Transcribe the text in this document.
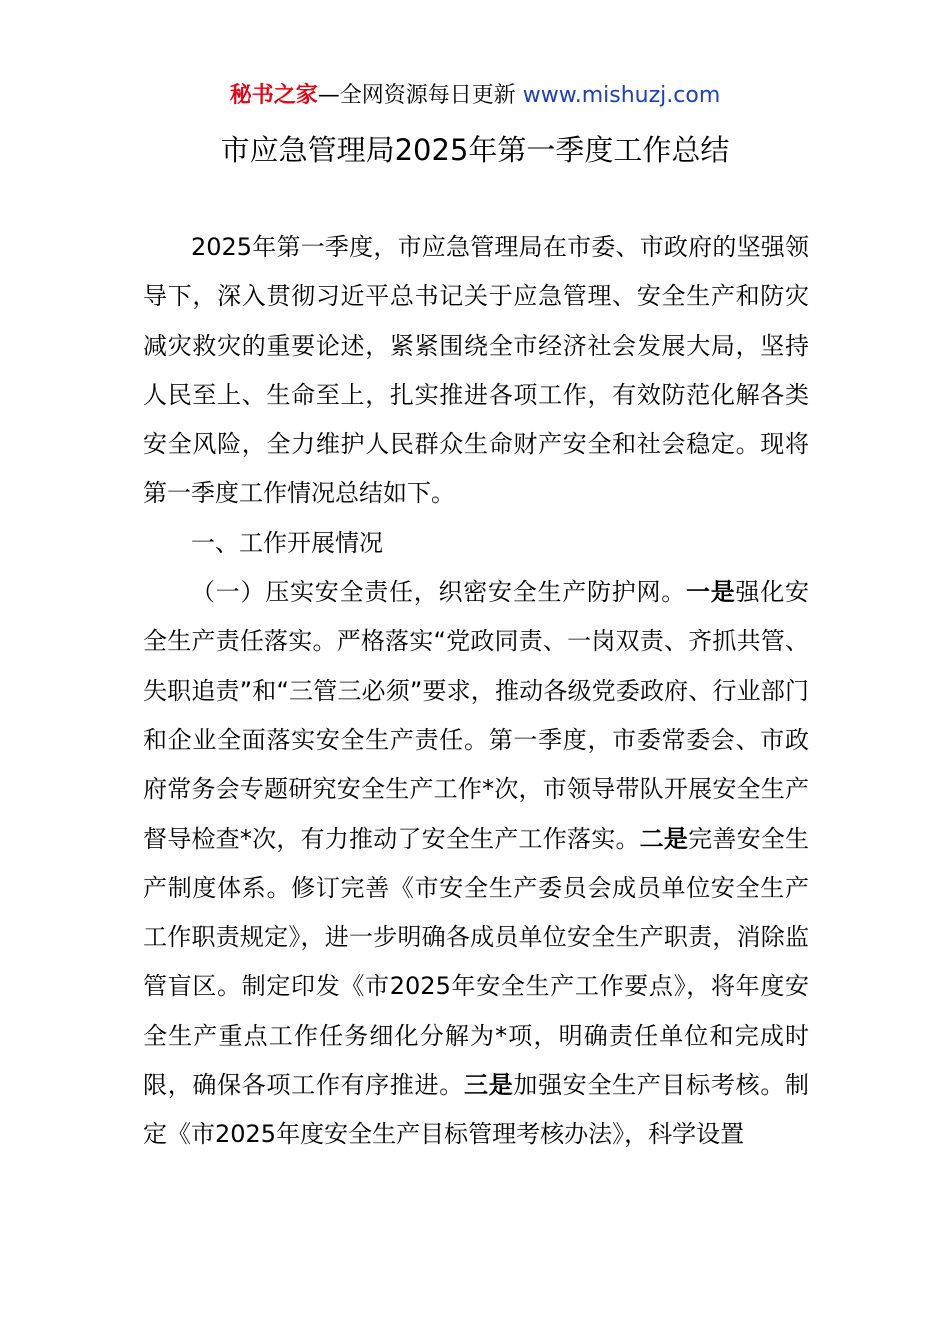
秘书之家—全网资源每日更新 www.mishuzj.com
市应急管理局2025年第一季度工作总结

2025年第一季度，市应急管理局在市委、市政府的坚强领导下，深入贯彻习近平总书记关于应急管理、安全生产和防灾减灾救灾的重要论述，紧紧围绕全市经济社会发展大局，坚持人民至上、生命至上，扎实推进各项工作，有效防范化解各类安全风险，全力维护人民群众生命财产安全和社会稳定。现将第一季度工作情况总结如下。

一、工作开展情况

（一）压实安全责任，织密安全生产防护网。一是强化安全生产责任落实。严格落实“党政同责、一岗双责、齐抓共管、失职追责”和“三管三必须”要求，推动各级党委政府、行业部门和企业全面落实安全生产责任。第一季度，市委常委会、市政府常务会专题研究安全生产工作*次，市领导带队开展安全生产督导检查*次，有力推动了安全生产工作落实。二是完善安全生产制度体系。修订完善《市安全生产委员会成员单位安全生产工作职责规定》，进一步明确各成员单位安全生产职责，消除监管盲区。制定印发《市2025年安全生产工作要点》，将年度安全生产重点工作任务细化分解为*项，明确责任单位和完成时限，确保各项工作有序推进。三是加强安全生产目标考核。制定《市2025年度安全生产目标管理考核办法》，科学设置
